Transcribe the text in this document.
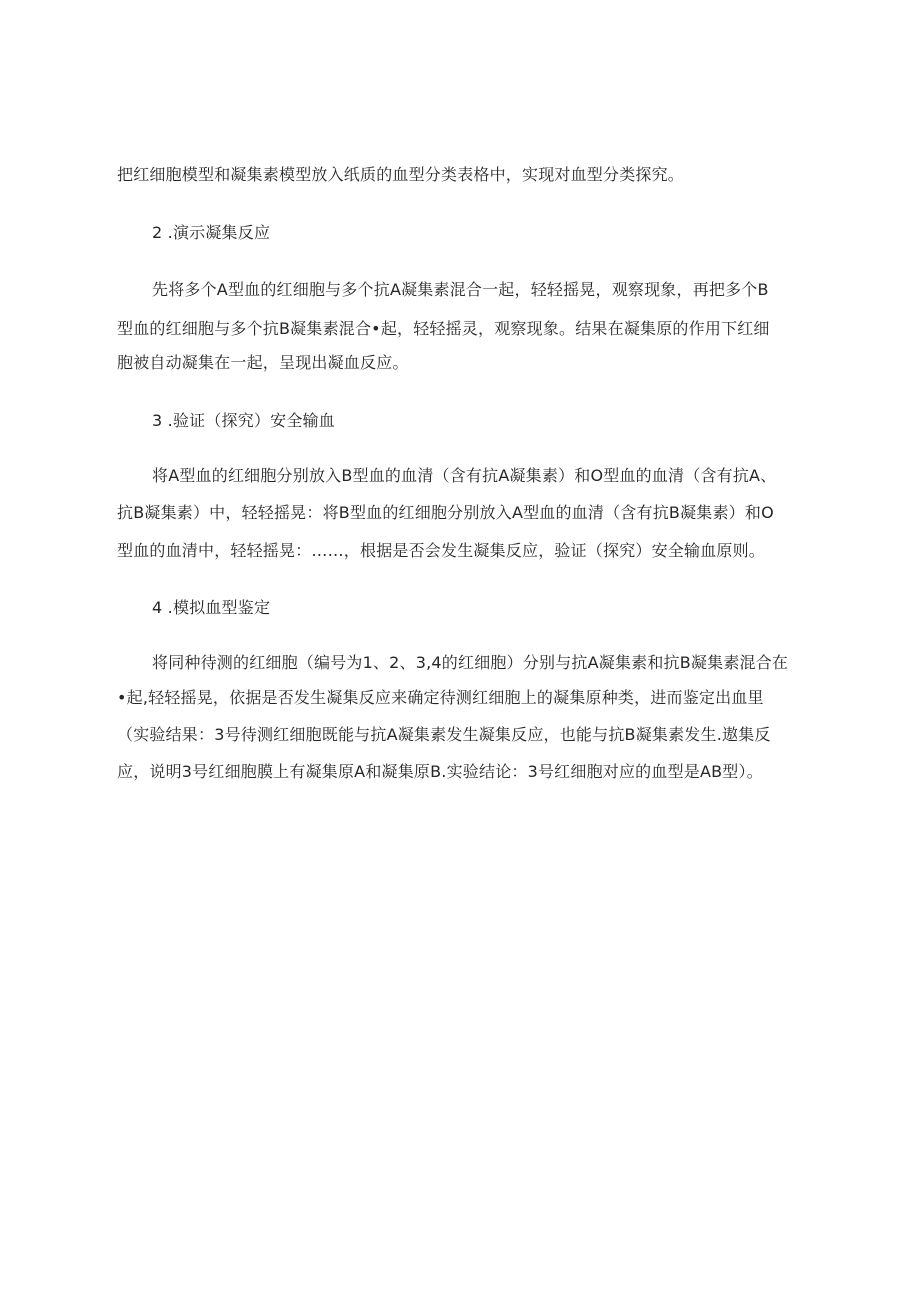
把红细胞模型和凝集素模型放入纸质的血型分类表格中，实现对血型分类探究。
2 .演示凝集反应
先将多个A型血的红细胞与多个抗A凝集素混合一起，轻轻摇晃，观察现象，再把多个B
型血的红细胞与多个抗B凝集素混合•起，轻轻摇灵，观察现象。结果在凝集原的作用下红细
胞被自动凝集在一起，呈现出凝血反应。
3 .验证（探究）安全输血
将A型血的红细胞分别放入B型血的血清（含有抗A凝集素）和O型血的血清（含有抗A、
抗B凝集素）中，轻轻摇晃：将B型血的红细胞分别放入A型血的血清（含有抗B凝集素）和O
型血的血清中，轻轻摇晃：……，根据是否会发生凝集反应，验证（探究）安全输血原则。
4 .模拟血型鉴定
将同种待测的红细胞（编号为1、2、3,4的红细胞）分别与抗A凝集素和抗B凝集素混合在
•起,轻轻摇晃，依据是否发生凝集反应来确定待测红细胞上的凝集原种类，进而鉴定出血里
（实验结果：3号待测红细胞既能与抗A凝集素发生凝集反应，也能与抗B凝集素发生.遨集反
应，说明3号红细胞膜上有凝集原A和凝集原B.实验结论：3号红细胞对应的血型是AB型）。
